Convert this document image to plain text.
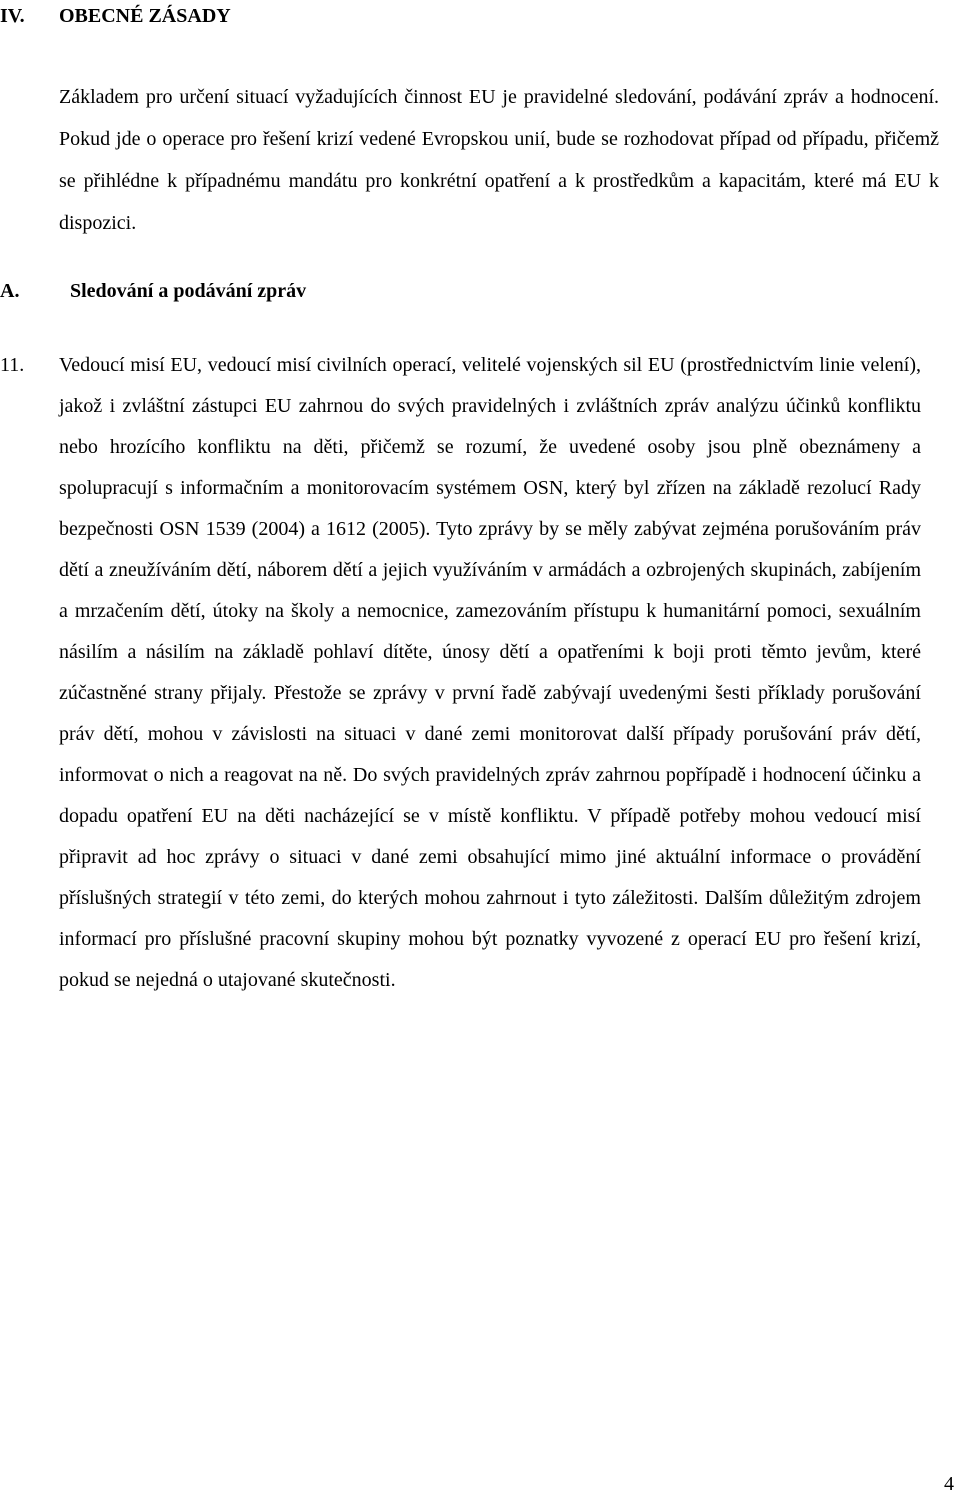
IV. OBECNÉ ZÁSADY
Základem pro určení situací vyžadujících činnost EU je pravidelné sledování, podávání zpráv a hodnocení. Pokud jde o operace pro řešení krizí vedené Evropskou unií, bude se rozhodovat případ od případu, přičemž se přihlédne k případnému mandátu pro konkrétní opatření a k prostředkům a kapacitám, které má EU k dispozici.
A.	Sledování a podávání zpráv
11. Vedoucí misí EU, vedoucí misí civilních operací, velitelé vojenských sil EU (prostřednictvím linie velení), jakož i zvláštní zástupci EU zahrnou do svých pravidelných i zvláštních zpráv analýzu účinků konfliktu nebo hrozícího konfliktu na děti, přičemž se rozumí, že uvedené osoby jsou plně obeznámeny a spolupracují s informačním a monitorovacím systémem OSN, který byl zřízen na základě rezolucí Rady bezpečnosti OSN 1539 (2004) a 1612 (2005). Tyto zprávy by se měly zabývat zejména porušováním práv dětí a zneužíváním dětí, náborem dětí a jejich využíváním v armádách a ozbrojených skupinách, zabíjením a mrzačením dětí, útoky na školy a nemocnice, zamezováním přístupu k humanitární pomoci, sexuálním násilím a násilím na základě pohlaví dítěte, únosy dětí a opatřeními k boji proti těmto jevům, které zúčastněné strany přijaly. Přestože se zprávy v první řadě zabývají uvedenými šesti příklady porušování práv dětí, mohou v závislosti na situaci v dané zemi monitorovat další případy porušování práv dětí, informovat o nich a reagovat na ně. Do svých pravidelných zpráv zahrnou popřípadě i hodnocení účinku a dopadu opatření EU na děti nacházející se v místě konfliktu. V případě potřeby mohou vedoucí misí připravit ad hoc zprávy o situaci v dané zemi obsahující mimo jiné aktuální informace o provádění příslušných strategií v této zemi, do kterých mohou zahrnout i tyto záležitosti. Dalším důležitým zdrojem informací pro příslušné pracovní skupiny mohou být poznatky vyvozené z operací EU pro řešení krizí, pokud se nejedná o utajované skutečnosti.
4
